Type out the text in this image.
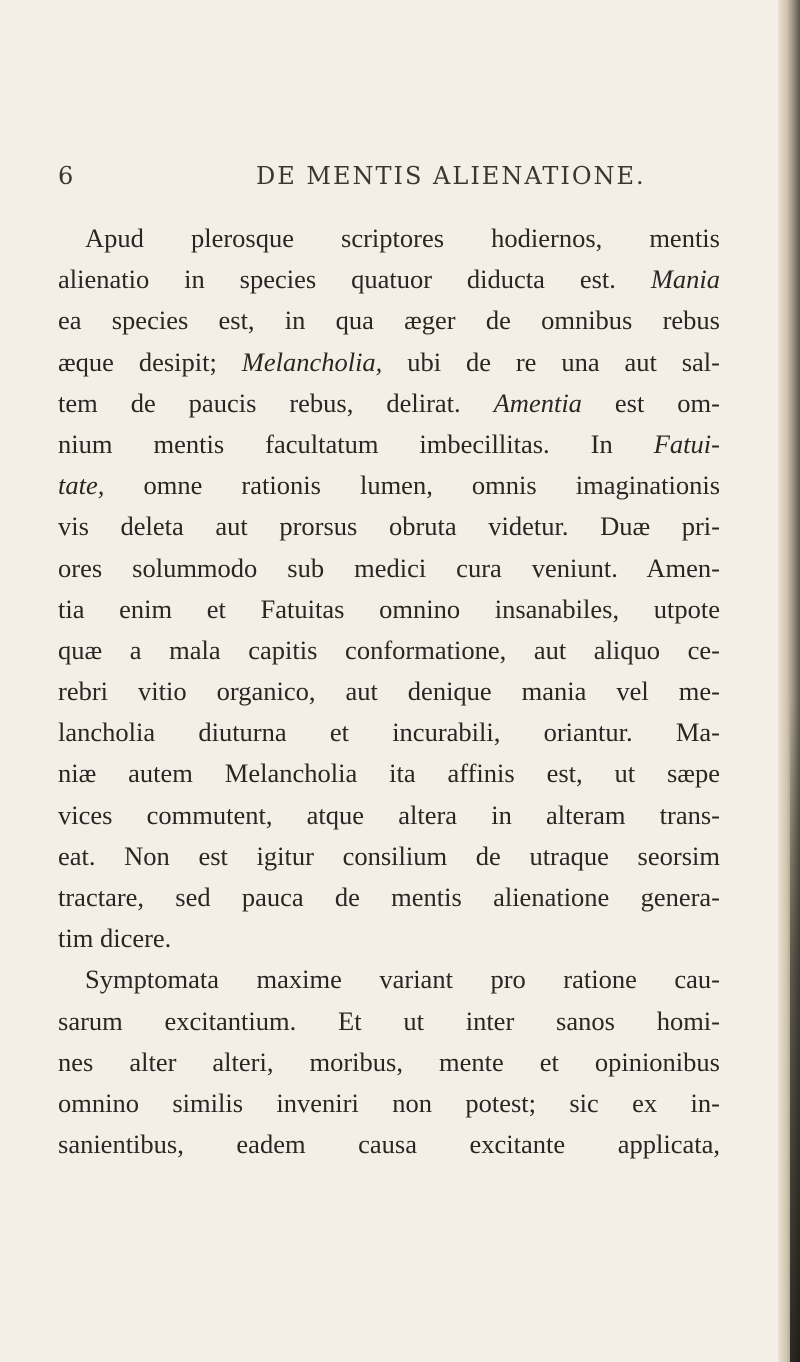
6	DE MENTIS ALIENATIONE.
Apud plerosque scriptores hodiernos, mentis
alienatio in species quatuor diducta est. Mania
ea species est, in qua æger de omnibus rebus
æque desipit; Melancholia, ubi de re una aut sal-
tem de paucis rebus, delirat. Amentia est om-
nium mentis facultatum imbecillitas. In Fatui-
tate, omne rationis lumen, omnis imaginationis
vis deleta aut prorsus obruta videtur. Duæ pri-
ores solummodo sub medici cura veniunt. Amen-
tia enim et Fatuitas omnino insanabiles, utpote
quæ a mala capitis conformatione, aut aliquo ce-
rebri vitio organico, aut denique mania vel me-
lancholia diuturna et incurabili, oriantur. Ma-
niæ autem Melancholia ita affinis est, ut sæpe
vices commutent, atque altera in alteram trans-
eat. Non est igitur consilium de utraque seorsim
tractare, sed pauca de mentis alienatione genera-
tim dicere.
Symptomata maxime variant pro ratione cau-
sarum excitantium. Et ut inter sanos homi-
nes alter alteri, moribus, mente et opinionibus
omnino similis inveniri non potest; sic ex in-
sanientibus, eadem causa excitante applicata,
